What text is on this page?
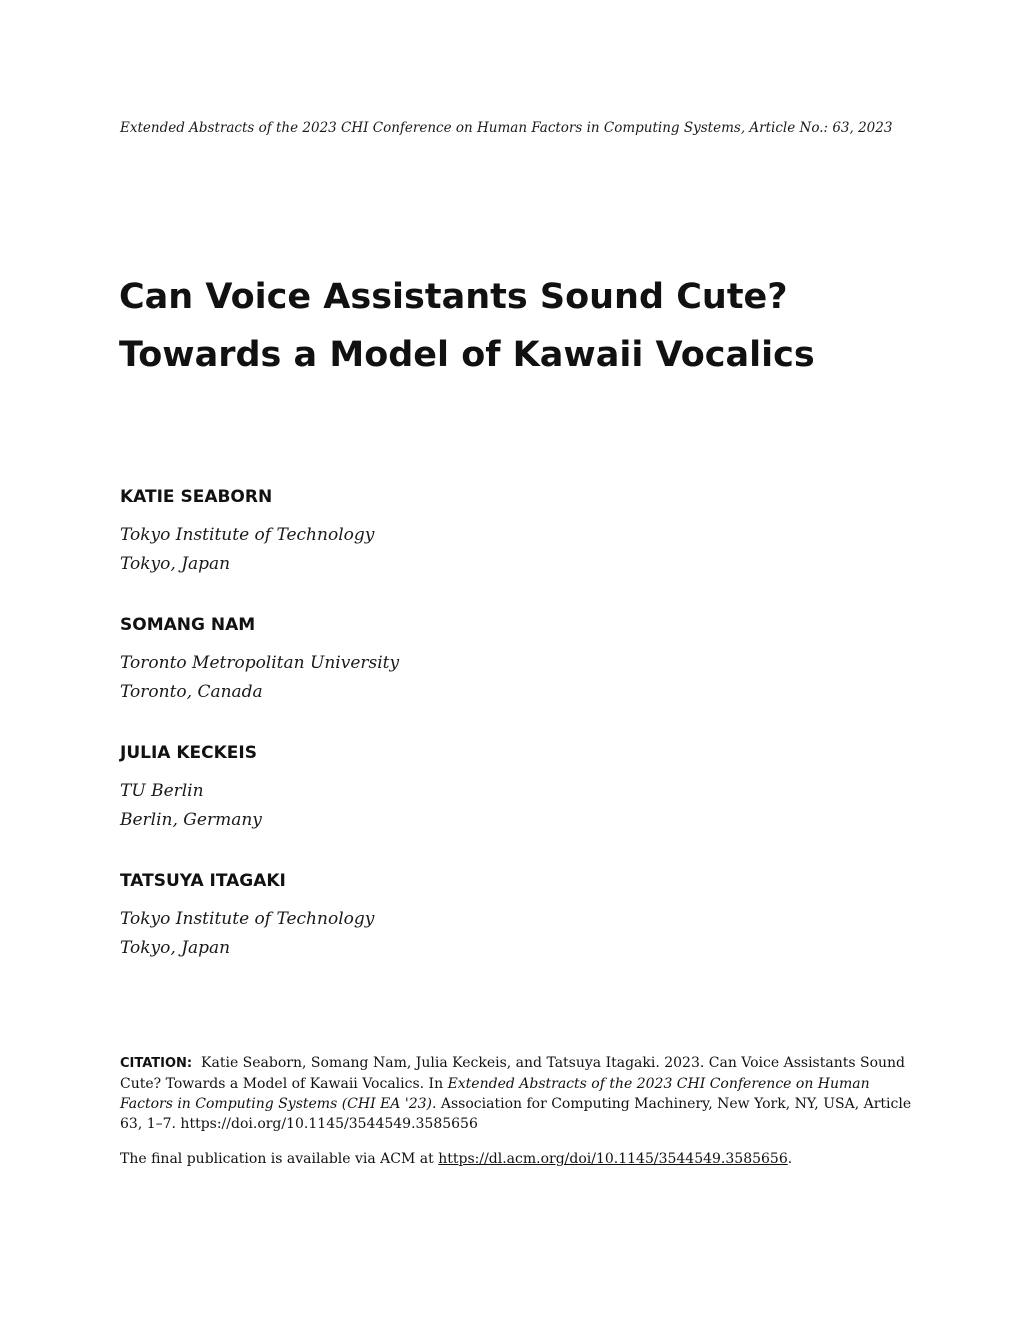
Extended Abstracts of the 2023 CHI Conference on Human Factors in Computing Systems, Article No.: 63, 2023
Can Voice Assistants Sound Cute?
Towards a Model of Kawaii Vocalics
KATIE SEABORN
Tokyo Institute of Technology
Tokyo, Japan
SOMANG NAM
Toronto Metropolitan University
Toronto, Canada
JULIA KECKEIS
TU Berlin
Berlin, Germany
TATSUYA ITAGAKI
Tokyo Institute of Technology
Tokyo, Japan
CITATION: Katie Seaborn, Somang Nam, Julia Keckeis, and Tatsuya Itagaki. 2023. Can Voice Assistants Sound Cute? Towards a Model of Kawaii Vocalics. In Extended Abstracts of the 2023 CHI Conference on Human Factors in Computing Systems (CHI EA '23). Association for Computing Machinery, New York, NY, USA, Article 63, 1–7. https://doi.org/10.1145/3544549.3585656
The final publication is available via ACM at https://dl.acm.org/doi/10.1145/3544549.3585656.
